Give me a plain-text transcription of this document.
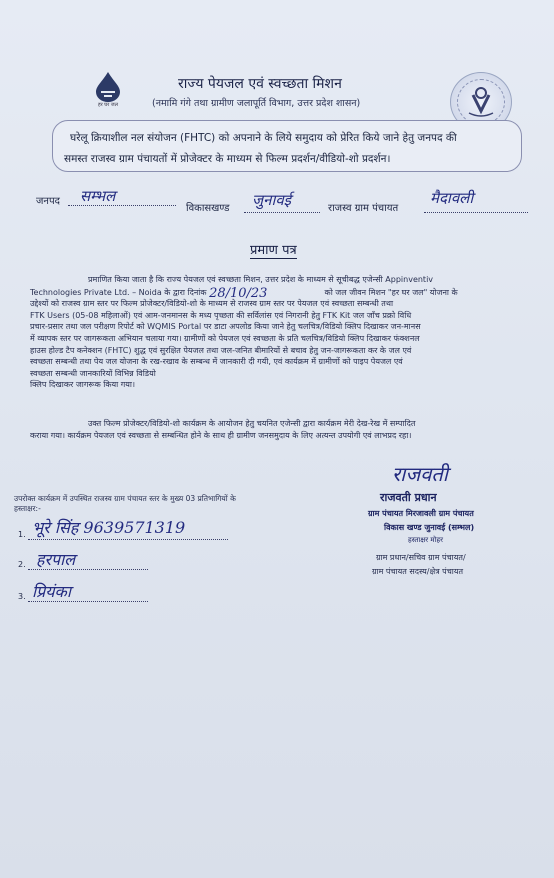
हर घर जल
राज्य पेयजल एवं स्वच्छता मिशन
(नमामि गंगे तथा ग्रामीण जलापूर्ति विभाग, उत्तर प्रदेश शासन)
घरेलू क्रियाशील नल संयोजन (FHTC) को अपनाने के लिये समुदाय को प्रेरित किये जाने हेतु जनपद की
समस्त राजस्व ग्राम पंचायतों में प्रोजेक्टर के माध्यम से फिल्म प्रदर्शन/वीडियो-शो प्रदर्शन।
जनपद सम्भल
विकासखण्ड जुनावई	राजस्व ग्राम पंचायत
मैदावली
प्रमाण पत्र

प्रमाणित किया जाता है कि राज्य पेयजल एवं स्वच्छता मिशन, उत्तर प्रदेश के माध्यम से सूचीबद्ध एजेन्सी Appinventiv

Technologies Private Ltd. – Noida के द्वारा दिनांक 28/10/23	को जल जीवन मिशन "हर घर जल" योजना के

उद्देश्यों को राजस्व ग्राम स्तर पर फिल्म प्रोजेक्टर/विडियो-शो के माध्यम से राजस्व ग्राम स्तर पर पेयजल एवं स्वच्छता सम्बन्धी तथा

FTK Users (05-08 महिलाओं) एवं आम-जनमानस के मध्य पृच्छता की सर्विलांस एवं निगरानी हेतु FTK Kit जल जाँच प्रक्रो विधि

प्रचार-प्रसार तथा जल परीक्षण रिपोर्ट को WQMIS Portal पर डाटा अपलोड किया जाने हेतु चलचित्र/विडियो क्लिप दिखाकर जन-मानस

में व्यापक स्तर पर जागरूकता अभियान चलाया गया। ग्रामीणों को पेयजल एवं स्वच्छता के प्रति चलचित्र/विडियो क्लिप दिखाकर फंक्शनल

हाउस होल्ड टैप कनेक्शन (FHTC) शुद्ध एवं सुरक्षित पेयजल तथा जल-जनित बीमारियों से बचाव हेतु जन-जागरूकता कर के जल एवं

स्वच्छता सम्बन्धी तथा पेय जल योजना के रख-रखाव के सम्बन्ध में जानकारी दी गयी, एवं कार्यक्रम में ग्रामीणों को पाइप पेयजल एवं

स्वच्छता सम्बन्धी जानकारियों विभिन्न विडियो

क्लिप दिखाकर जागरूक किया गया।

उक्त फिल्म प्रोजेक्टर/विडियो-शो कार्यक्रम के आयोजन हेतु चयनित एजेन्सी द्वारा कार्यक्रम मेरी देख-रेख में सम्पादित

कराया गया। कार्यक्रम पेयजल एवं स्वच्छता से सम्बन्धित होने के साथ ही ग्रामीण जनसमुदाय के लिए अत्यन्त उपयोगी एवं लाभप्रद रहा।

उपरोक्त कार्यक्रम में उपस्थित राजस्व ग्राम पंचायत स्तर के मुख्य 03 प्रतिभागियों के
हस्ताक्षर:-
1. भूरे सिंह 9639571319
2. हरपाल
3. प्रियंका
राजवती
राजवती प्रधान
ग्राम पंचायत मिरजावली ग्राम पंचायत
विकास खण्ड जुनावई (सम्भल)
हस्ताक्षर मोहर
ग्राम प्रधान/सचिव ग्राम पंचायत/
ग्राम पंचायत सदस्य/क्षेत्र पंचायत
